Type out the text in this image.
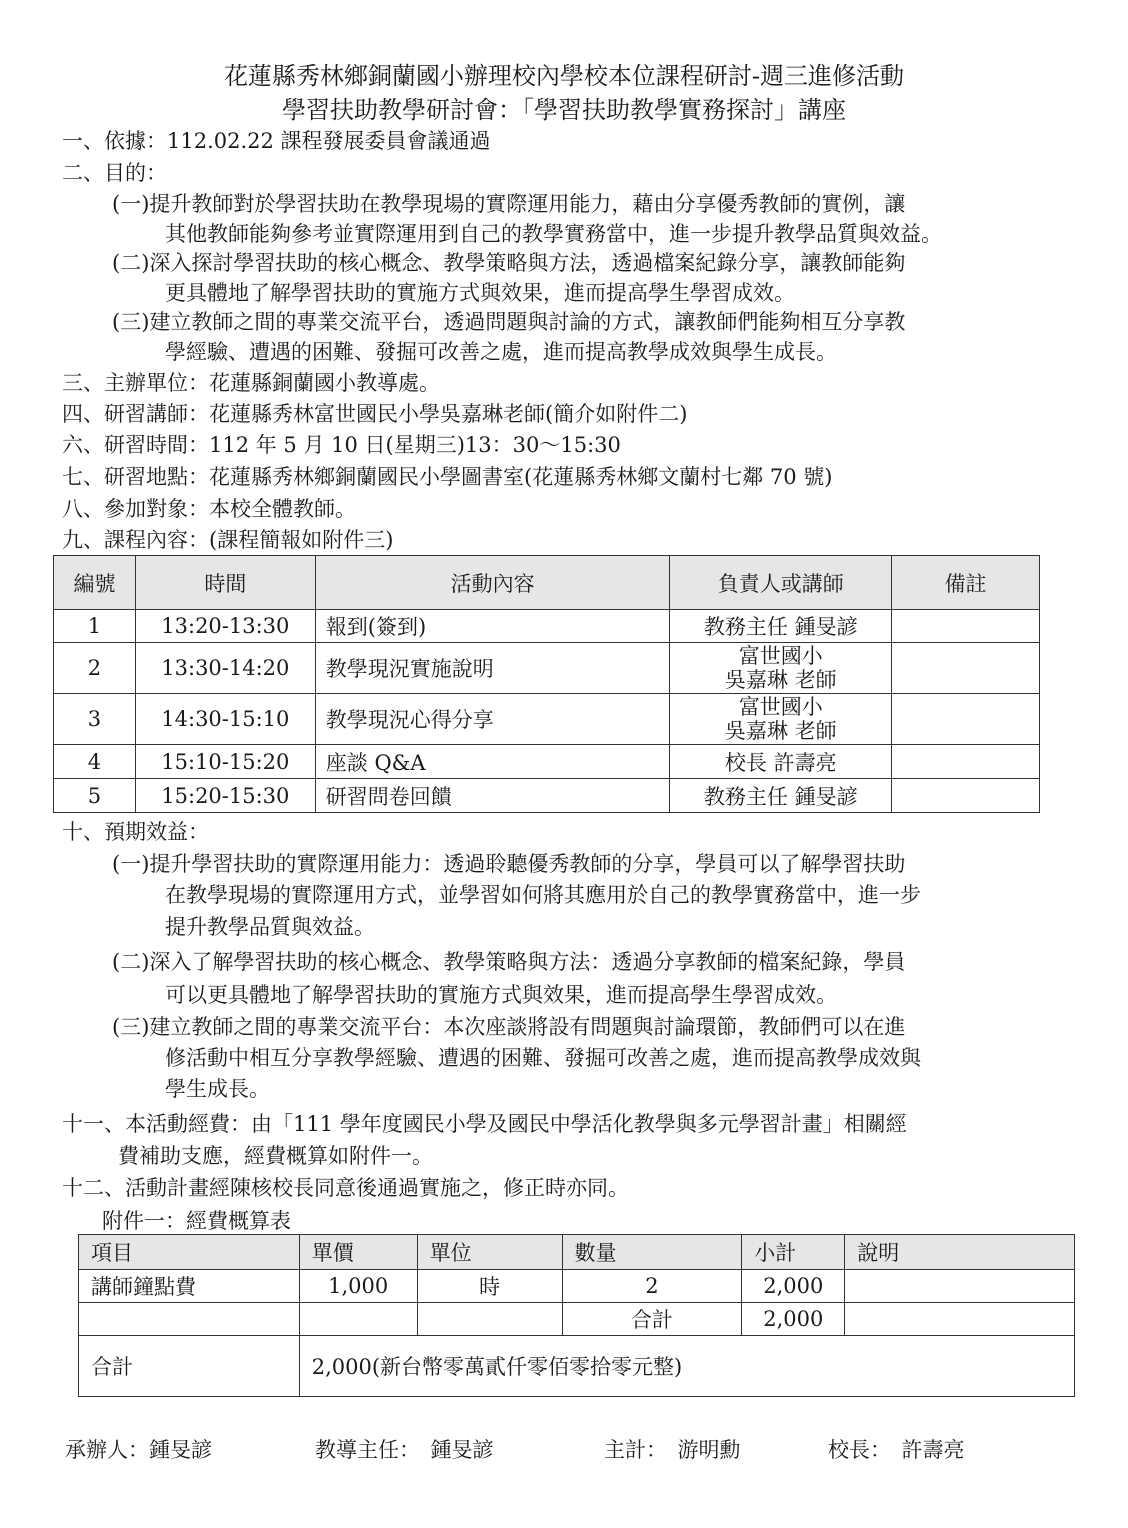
花蓮縣秀林鄉銅蘭國小辦理校內學校本位課程研討-週三進修活動
學習扶助教學研討會：「學習扶助教學實務探討」講座
一、依據：112.02.22 課程發展委員會議通過
二、目的：
(一)提升教師對於學習扶助在教學現場的實際運用能力，藉由分享優秀教師的實例，讓
其他教師能夠參考並實際運用到自己的教學實務當中，進一步提升教學品質與效益。
(二)深入探討學習扶助的核心概念、教學策略與方法，透過檔案紀錄分享，讓教師能夠
更具體地了解學習扶助的實施方式與效果，進而提高學生學習成效。
(三)建立教師之間的專業交流平台，透過問題與討論的方式，讓教師們能夠相互分享教
學經驗、遭遇的困難、發掘可改善之處，進而提高教學成效與學生成長。
三、主辦單位：花蓮縣銅蘭國小教導處。
四、研習講師：花蓮縣秀林富世國民小學吳嘉琳老師(簡介如附件二)
六、研習時間：112 年 5 月 10 日(星期三)13：30～15:30
七、研習地點：花蓮縣秀林鄉銅蘭國民小學圖書室(花蓮縣秀林鄉文蘭村七鄰 70 號)
八、參加對象：本校全體教師。
九、課程內容：(課程簡報如附件三)
編號	時間	活動內容	負責人或講師	備註
1	13:20-13:30	報到(簽到)	教務主任 鍾旻諺	
2	13:30-14:20	教學現況實施說明	富世國小
吳嘉琳 老師	

3	14:30-15:10	教學現況心得分享	富世國小
吳嘉琳 老師	

4	15:10-15:20	座談 Q&A	校長 許壽亮	
5	15:20-15:30	研習問卷回饋	教務主任 鍾旻諺	
十、預期效益：
(一)提升學習扶助的實際運用能力：透過聆聽優秀教師的分享，學員可以了解學習扶助
在教學現場的實際運用方式，並學習如何將其應用於自己的教學實務當中，進一步
提升教學品質與效益。
(二)深入了解學習扶助的核心概念、教學策略與方法：透過分享教師的檔案紀錄，學員
可以更具體地了解學習扶助的實施方式與效果，進而提高學生學習成效。
(三)建立教師之間的專業交流平台：本次座談將設有問題與討論環節，教師們可以在進
修活動中相互分享教學經驗、遭遇的困難、發掘可改善之處，進而提高教學成效與
學生成長。
十一、本活動經費：由「111 學年度國民小學及國民中學活化教學與多元學習計畫」相關經
費補助支應，經費概算如附件一。
十二、活動計畫經陳核校長同意後通過實施之，修正時亦同。
附件一：經費概算表
項目	單價	單位	數量	小計	說明
講師鐘點費	1,000	時	2	2,000	
			合計	2,000	
合計	2,000(新台幣零萬貳仟零佰零拾零元整)				
承辦人：鍾旻諺	教導主任：　鍾旻諺	主計：　游明勳	校長：　許壽亮
